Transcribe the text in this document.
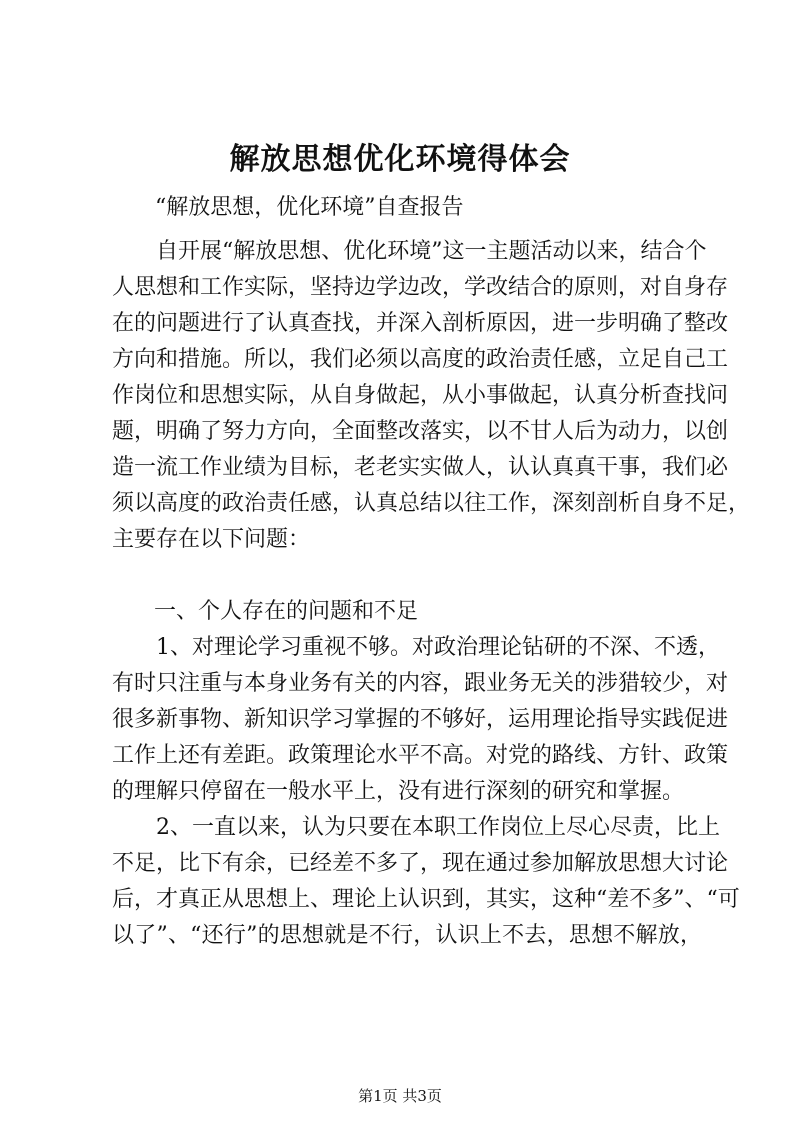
解放思想优化环境得体会
“解放思想，优化环境”自查报告
自开展“解放思想、优化环境”这一主题活动以来，结合个
人思想和工作实际，坚持边学边改，学改结合的原则，对自身存
在的问题进行了认真查找，并深入剖析原因，进一步明确了整改
方向和措施。所以，我们必须以高度的政治责任感，立足自己工
作岗位和思想实际，从自身做起，从小事做起，认真分析查找问
题，明确了努力方向，全面整改落实，以不甘人后为动力，以创
造一流工作业绩为目标，老老实实做人，认认真真干事，我们必
须以高度的政治责任感，认真总结以往工作，深刻剖析自身不足，
主要存在以下问题：
一、个人存在的问题和不足
1、对理论学习重视不够。对政治理论钻研的不深、不透，
有时只注重与本身业务有关的内容，跟业务无关的涉猎较少，对
很多新事物、新知识学习掌握的不够好，运用理论指导实践促进
工作上还有差距。政策理论水平不高。对党的路线、方针、政策
的理解只停留在一般水平上，没有进行深刻的研究和掌握。
2、一直以来，认为只要在本职工作岗位上尽心尽责，比上
不足，比下有余，已经差不多了，现在通过参加解放思想大讨论
后，才真正从思想上、理论上认识到，其实，这种“差不多”、“可
以了”、“还行”的思想就是不行，认识上不去，思想不解放，
第1页 共3页
